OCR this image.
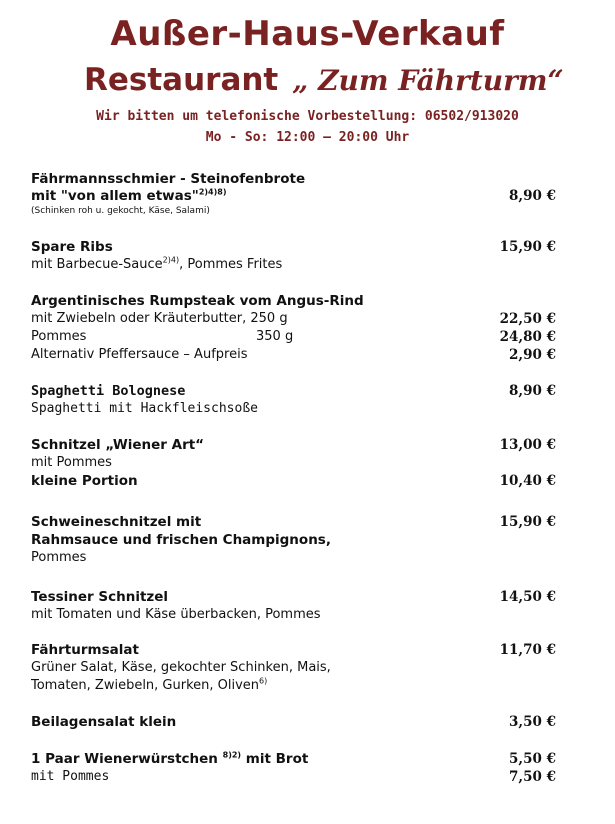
Außer-Haus-Verkauf
Restaurant „ Zum Fährturm“
Wir bitten um telefonische Vorbestellung: 06502/913020
Mo - So: 12:00 – 20:00 Uhr
Fährmannsschmier - Steinofenbrote
mit "von allem etwas"$^{2)4)8)}$	8,90 €
(Schinken roh u. gekocht, Käse, Salami)
Spare Ribs	15,90 €
mit Barbecue-Sauce$^{2)4)}$, Pommes Frites
Argentinisches Rumpsteak vom Angus-Rind
mit Zwiebeln oder Kräuterbutter, 250 g	22,50 €
Pommes	350 g	24,80 €
Alternativ Pfeffersauce – Aufpreis	2,90 €
Spaghetti Bolognese	8,90 €
Spaghetti mit Hackfleischsoße
Schnitzel „Wiener Art“	13,00 €
mit Pommes
kleine Portion	10,40 €
Schweineschnitzel mit	15,90 €
Rahmsauce und frischen Champignons,
Pommes
Tessiner Schnitzel	14,50 €
mit Tomaten und Käse überbacken, Pommes
Fährturmsalat	11,70 €
Grüner Salat, Käse, gekochter Schinken, Mais,
Tomaten, Zwiebeln, Gurken, Oliven$^{6)}$
Beilagensalat klein	3,50 €
1 Paar Wienerwürstchen $^{8)2)}$ mit Brot	5,50 €
mit Pommes	7,50 €
